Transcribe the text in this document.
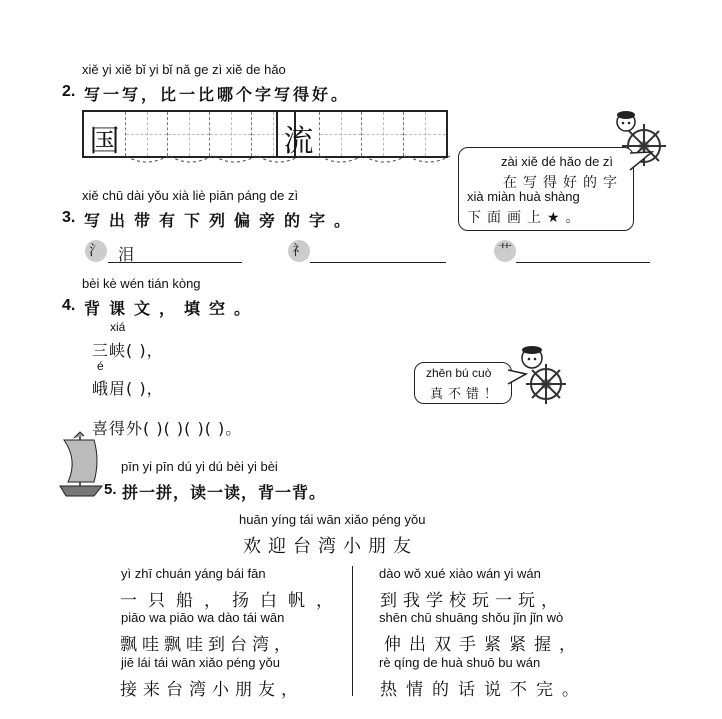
xiě yi xiě bǐ yi bǐ nǎ ge zì xiě de hǎo
2. 写一写，比一比哪个字写得好。
国	流
zài xiě dé hǎo de zì
在写得好的字
xià miàn huà shàng
下面画上★。
xiě chū dài yǒu xià liè piān páng de zì
3. 写出带有下列偏旁的字。
氵 泪	礻	艹
bèi kè wén tián kòng
4. 背课文，填空。
xiá
三峡( )，
é
峨眉( )，
喜得外( )( )( )( )。
zhēn bú cuò
真不错！
pīn yi pīn dú yi dú bèi yi bèi
5. 拼一拼，读一读，背一背。
huān yíng tái wān xiǎo péng yǒu
欢迎台湾小朋友
yì zhī chuán yáng bái fān
一只船，扬白帆，
piāo wa piāo wa dào tái wān
飘哇飘哇到台湾，
jiē lái tái wān xiǎo péng yǒu
接来台湾小朋友，
dào wǒ xué xiào wán yi wán
到我学校玩一玩，
shēn chū shuāng shǒu jǐn jǐn wò
伸出双手紧紧握，
rè qíng de huà shuō bu wán
热情的话说不完。
